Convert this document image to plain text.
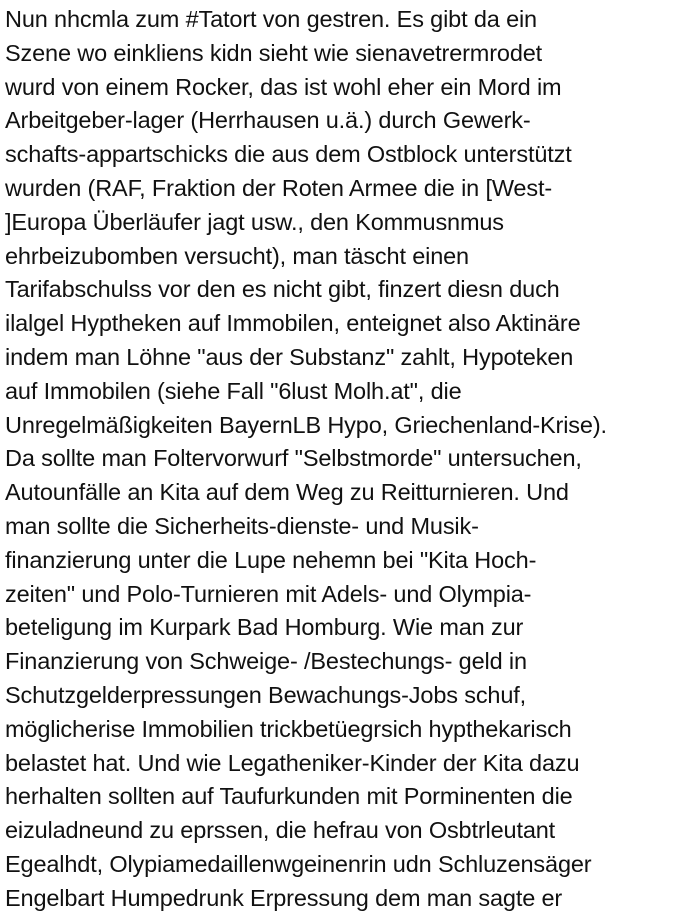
Nun nhcmla zum #Tatort von gestren. Es gibt da ein
Szene wo einkliens kidn sieht wie sienavetrermrodet
wurd von einem Rocker, das ist wohl eher ein Mord im
Arbeitgeber-lager (Herrhausen u.ä.) durch Gewerk-
schafts-appartschicks die aus dem Ostblock unterstützt
wurden (RAF, Fraktion der Roten Armee die in [West-
]Europa Überläufer jagt usw., den Kommusnmus
ehrbeizubomben versucht), man täscht einen
Tarifabschulss vor den es nicht gibt, finzert diesn duch
ilalgel Hyptheken auf Immobilen, enteignet also Aktinäre
indem man Löhne "aus der Substanz" zahlt, Hypoteken
auf Immobilen (siehe Fall "6lust Molh.at", die
Unregelmäßigkeiten BayernLB Hypo, Griechenland-Krise).
Da sollte man Foltervorwurf "Selbstmorde" untersuchen,
Autounfälle an Kita auf dem Weg zu Reitturnieren. Und
man sollte die Sicherheits-dienste- und Musik-
finanzierung unter die Lupe nehemn bei "Kita Hoch-
zeiten" und Polo-Turnieren mit Adels- und Olympia-
beteligung im Kurpark Bad Homburg. Wie man zur
Finanzierung von Schweige- /Bestechungs- geld in
Schutzgelderpressungen Bewachungs-Jobs schuf,
möglicherise Immobilien trickbetüegrsich hypthekarisch
belastet hat. Und wie Legatheniker-Kinder der Kita dazu
herhalten sollten auf Taufurkunden mit Porminenten die
eizuladneund zu eprssen, die hefrau von Osbtrleutant
Egealhdt, Olypiamedaillenwgeinenrin udn Schluzensäger
Engelbart Humpedrunk Erpressung dem man sagte er
